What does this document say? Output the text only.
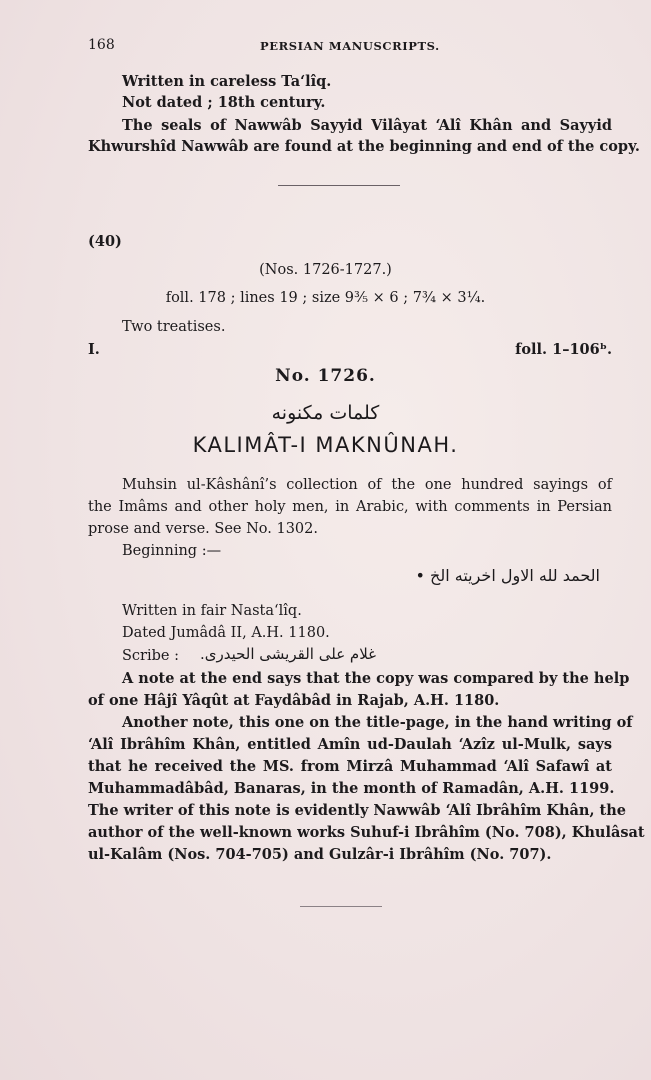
168	PERSIAN MANUSCRIPTS.
Written in careless Ta‘lîq.
Not dated ; 18th century.
The seals of Nawwâb Sayyid Vilâyat ‘Alî Khân and Sayyid
Khwurshîd Nawwâb are found at the beginning and end of the copy.
(40)
(Nos. 1726-1727.)
foll. 178 ; lines 19 ; size 9⅗ × 6 ; 7¾ × 3¼.
Two treatises.
I.	foll. 1–106ᵇ.
No. 1726.
کلمات مکنونه
KALIMÂT-I MAKNÛNAH.
Muhsin ul-Kâshânî’s collection of the one hundred sayings of
the Imâms and other holy men, in Arabic, with comments in Persian
prose and verse. See No. 1302.
Beginning :—
الحمد لله الاول اخريته الخ •
Written in fair Nasta‘lîq.
Dated Jumâdâ II, A.H. 1180.
Scribe : غلام علی القریشی الحیدری.
A note at the end says that the copy was compared by the help
of one Hâjî Yâqût at Faydâbâd in Rajab, A.H. 1180.
Another note, this one on the title-page, in the hand writing of
‘Alî Ibrâhîm Khân, entitled Amîn ud-Daulah ‘Azîz ul-Mulk, says
that he received the MS. from Mirzâ Muhammad ‘Alî Safawî at
Muhammadâbâd, Banaras, in the month of Ramadân, A.H. 1199.
The writer of this note is evidently Nawwâb ‘Alî Ibrâhîm Khân, the
author of the well-known works Suhuf-i Ibrâhîm (No. 708), Khulâsat
ul-Kalâm (Nos. 704-705) and Gulzâr-i Ibrâhîm (No. 707).
